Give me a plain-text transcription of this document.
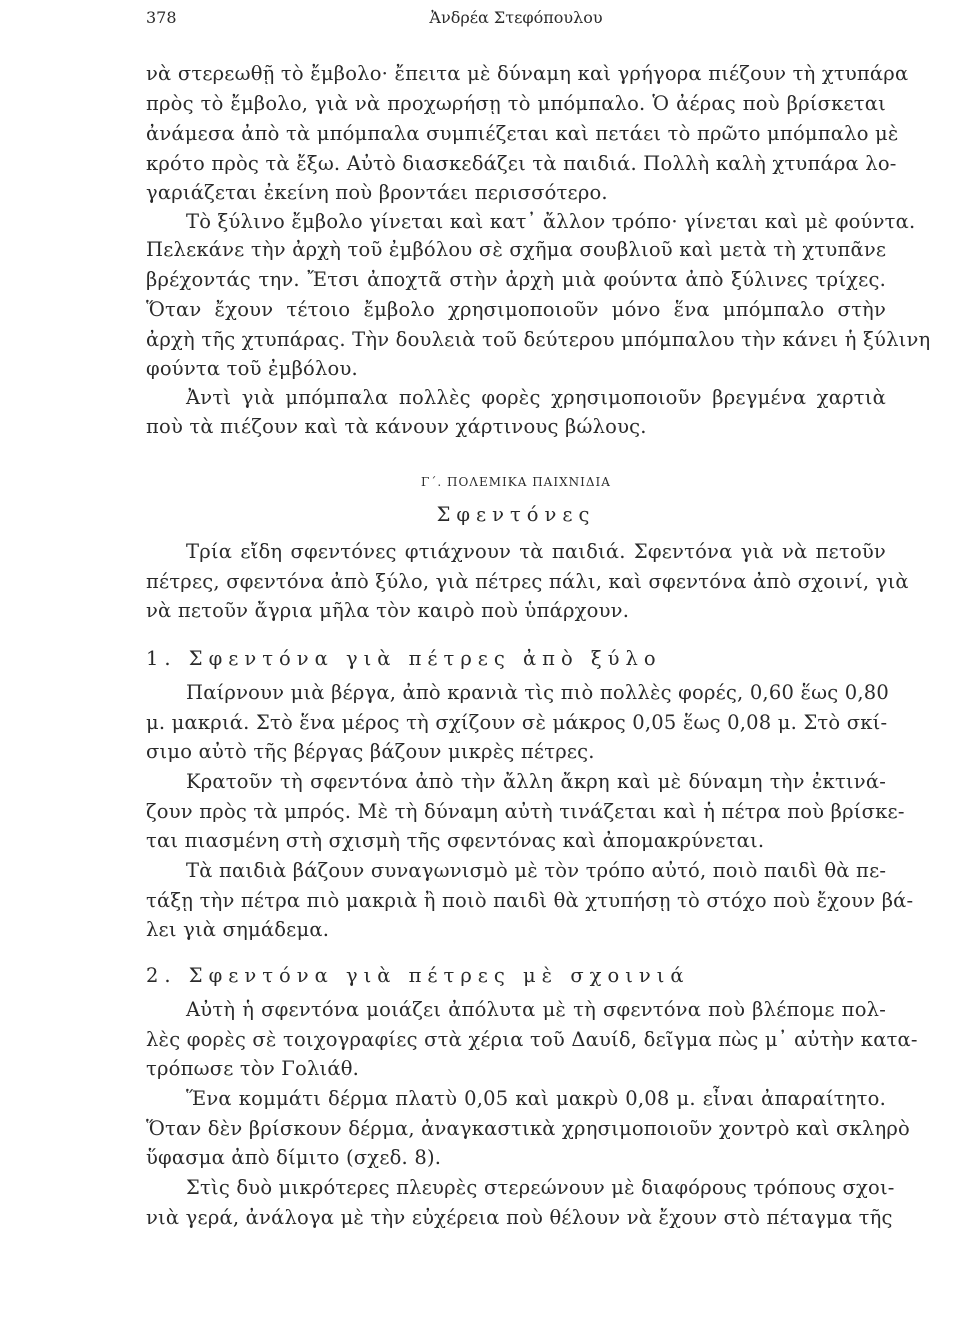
378	Ἀνδρέα Στεφόπουλου
νὰ στερεωθῇ τὸ ἔμβολο· ἔπειτα μὲ δύναμη καὶ γρήγορα πιέζουν τὴ χτυπάρα
πρὸς τὸ ἔμβολο, γιὰ νὰ προχωρήσῃ τὸ μπόμπαλο. Ὁ ἀέρας ποὺ βρίσκεται
ἀνάμεσα ἀπὸ τὰ μπόμπαλα συμπιέζεται καὶ πετάει τὸ πρῶτο μπόμπαλο μὲ
κρότο πρὸς τὰ ἔξω. Αὐτὸ διασκεδάζει τὰ παιδιά. Πολλὴ καλὴ χτυπάρα λο-
γαριάζεται ἐκείνη ποὺ βροντάει περισσότερο.
Τὸ ξύλινο ἔμβολο γίνεται καὶ κατ᾽ ἄλλον τρόπο· γίνεται καὶ μὲ φούντα.
Πελεκάνε τὴν ἀρχὴ τοῦ ἐμβόλου σὲ σχῆμα σουβλιοῦ καὶ μετὰ τὴ χτυπᾶνε
βρέχοντάς την. Ἔτσι ἀποχτᾶ στὴν ἀρχὴ μιὰ φούντα ἀπὸ ξύλινες τρίχες.
Ὅταν ἔχουν τέτοιο ἔμβολο χρησιμοποιοῦν μόνο ἕνα μπόμπαλο στὴν
ἀρχὴ τῆς χτυπάρας. Τὴν δουλειὰ τοῦ δεύτερου μπόμπαλου τὴν κάνει ἡ ξύλινη
φούντα τοῦ ἐμβόλου.
Ἀντὶ γιὰ μπόμπαλα πολλὲς φορὲς χρησιμοποιοῦν βρεγμένα χαρτιὰ
ποὺ τὰ πιέζουν καὶ τὰ κάνουν χάρτινους βώλους.
Γ΄. ΠΟΛΕΜΙΚΑ ΠΑΙΧΝΙΔΙΑ
Σφεντόνες
Τρία εἴδη σφεντόνες φτιάχνουν τὰ παιδιά. Σφεντόνα γιὰ νὰ πετοῦν
πέτρες, σφεντόνα ἀπὸ ξύλο, γιὰ πέτρες πάλι, καὶ σφεντόνα ἀπὸ σχοινί, γιὰ
νὰ πετοῦν ἄγρια μῆλα τὸν καιρὸ ποὺ ὑπάρχουν.
1. Σφεντόνα γιὰ πέτρες ἀπὸ ξύλο
Παίρνουν μιὰ βέργα, ἀπὸ κρανιὰ τὶς πιὸ πολλὲς φορές, 0,60 ἕως 0,80
μ. μακριά. Στὸ ἕνα μέρος τὴ σχίζουν σὲ μάκρος 0,05 ἕως 0,08 μ. Στὸ σκί-
σιμο αὐτὸ τῆς βέργας βάζουν μικρὲς πέτρες.
Κρατοῦν τὴ σφεντόνα ἀπὸ τὴν ἄλλη ἄκρη καὶ μὲ δύναμη τὴν ἐκτινά-
ζουν πρὸς τὰ μπρός. Μὲ τὴ δύναμη αὐτὴ τινάζεται καὶ ἡ πέτρα ποὺ βρίσκε-
ται πιασμένη στὴ σχισμὴ τῆς σφεντόνας καὶ ἀπομακρύνεται.
Τὰ παιδιὰ βάζουν συναγωνισμὸ μὲ τὸν τρόπο αὐτό, ποιὸ παιδὶ θὰ πε-
τάξῃ τὴν πέτρα πιὸ μακριὰ ἢ ποιὸ παιδὶ θὰ χτυπήσῃ τὸ στόχο ποὺ ἔχουν βά-
λει γιὰ σημάδεμα.
2. Σφεντόνα γιὰ πέτρες μὲ σχοινιά
Αὐτὴ ἡ σφεντόνα μοιάζει ἀπόλυτα μὲ τὴ σφεντόνα ποὺ βλέπομε πολ-
λὲς φορὲς σὲ τοιχογραφίες στὰ χέρια τοῦ Δαυίδ, δεῖγμα πὼς μ᾽ αὐτὴν κατα-
τρόπωσε τὸν Γολιάθ.
Ἕνα κομμάτι δέρμα πλατὺ 0,05 καὶ μακρὺ 0,08 μ. εἶναι ἀπαραίτητο.
Ὅταν δὲν βρίσκουν δέρμα, ἀναγκαστικὰ χρησιμοποιοῦν χοντρὸ καὶ σκληρὸ
ὕφασμα ἀπὸ δίμιτο (σχεδ. 8).
Στὶς δυὸ μικρότερες πλευρὲς στερεώνουν μὲ διαφόρους τρόπους σχοι-
νιὰ γερά, ἀνάλογα μὲ τὴν εὐχέρεια ποὺ θέλουν νὰ ἔχουν στὸ πέταγμα τῆς
